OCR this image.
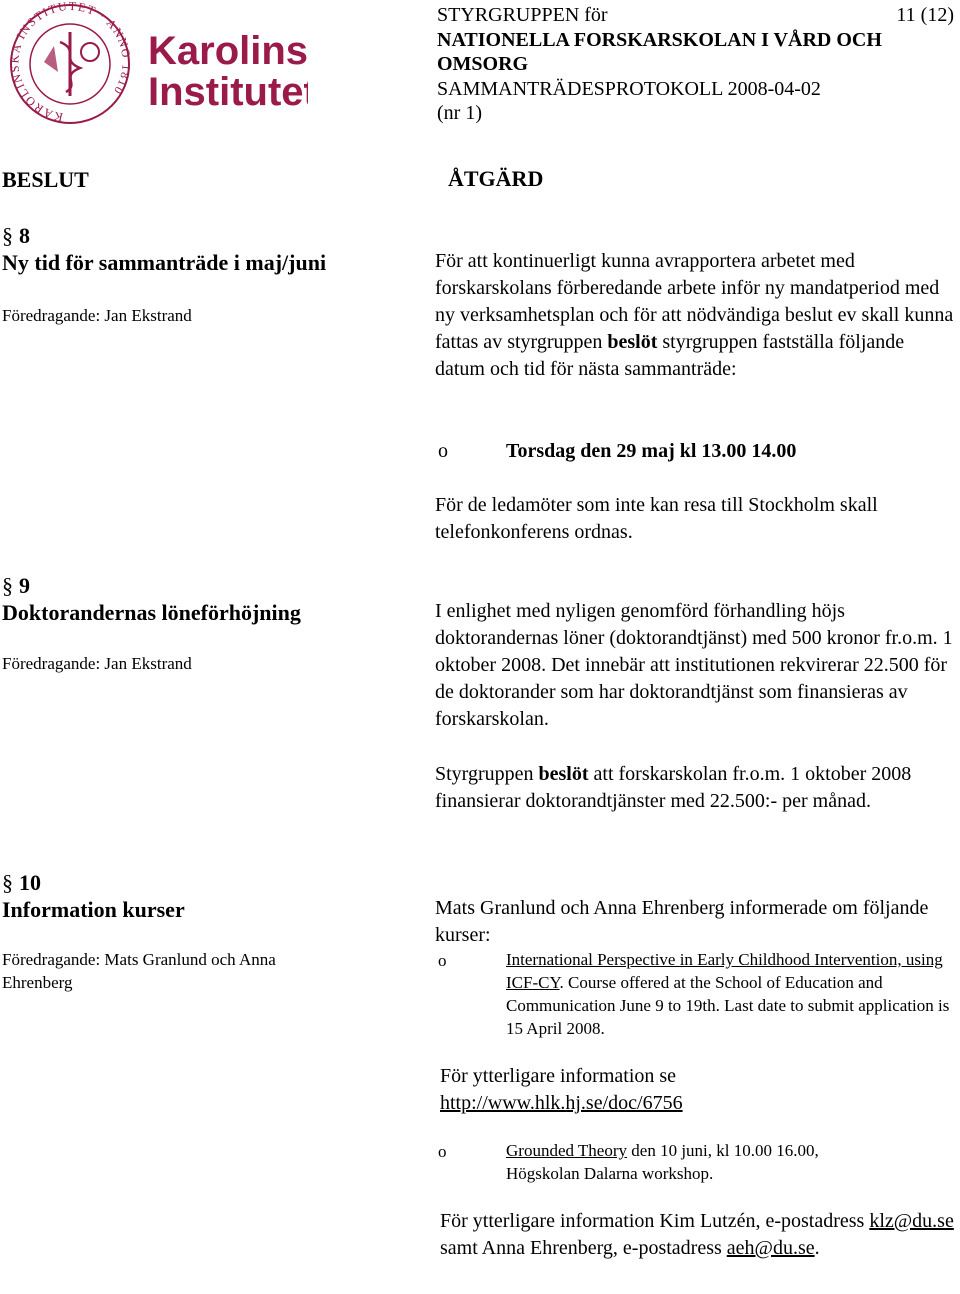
KAROLINSKA INSTITUTET · ANNO 1810
Karolins
Institutet
STYRGRUPPEN för	11 (12)
NATIONELLA FORSKARSKOLAN I VÅRD OCH
OMSORG
SAMMANTRÄDESPROTOKOLL 2008-04-02
(nr 1)
BESLUT	ÅTGÄRD
§ 8
Ny tid för sammanträde i maj/juni
Föredragande: Jan Ekstrand
För att kontinuerligt kunna avrapportera arbetet med forskarskolans förberedande arbete inför ny mandatperiod med ny verksamhetsplan och för att nödvändiga beslut ev skall kunna fattas av styrgruppen beslöt styrgruppen fastställa följande datum och tid för nästa sammanträde:
o	Torsdag den 29 maj kl 13.00 14.00
För de ledamöter som inte kan resa till Stockholm skall telefonkonferens ordnas.
§ 9
Doktorandernas löneförhöjning
Föredragande: Jan Ekstrand
I enlighet med nyligen genomförd förhandling höjs doktorandernas löner (doktorandtjänst) med 500 kronor fr.o.m. 1 oktober 2008. Det innebär att institutionen rekvirerar 22.500 för de doktorander som har doktorandtjänst som finansieras av forskarskolan.
Styrgruppen beslöt att forskarskolan fr.o.m. 1 oktober 2008 finansierar doktorandtjänster med 22.500:- per månad.
§ 10
Information kurser
Föredragande: Mats Granlund och Anna Ehrenberg
Mats Granlund och Anna Ehrenberg informerade om följande kurser:
o	International Perspective in Early Childhood Intervention, using ICF-CY. Course offered at the School of Education and Communication June 9 to 19th. Last date to submit application is 15 April 2008.
För ytterligare information se
http://www.hlk.hj.se/doc/6756
o	Grounded Theory den 10 juni, kl 10.00 16.00, Högskolan Dalarna workshop.
För ytterligare information Kim Lutzén, e-postadress klz@du.se samt Anna Ehrenberg, e-postadress aeh@du.se.
